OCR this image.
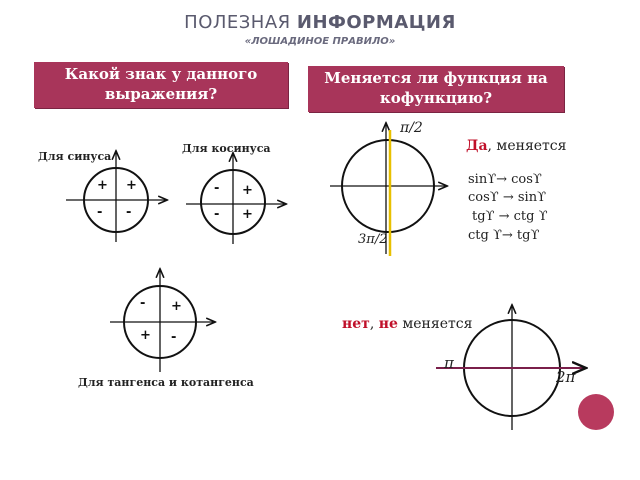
ПОЛЕЗНАЯ ИНФОРМАЦИЯ
«ЛОШАДИНОЕ ПРАВИЛО»
Какой знак у данного выражения?
Меняется ли функция на кофункцию?
Для синуса
+
+
- -
Для косинуса
+
-
- +
Для тангенса и котангенса
+
-
+ -
π/2
3π/2
Да, меняется
sinϒ→ cosϒ
cosϒ → sinϒ
tgϒ → ctg ϒ
ctg ϒ→ tgϒ
нет, не меняется
π
2π
